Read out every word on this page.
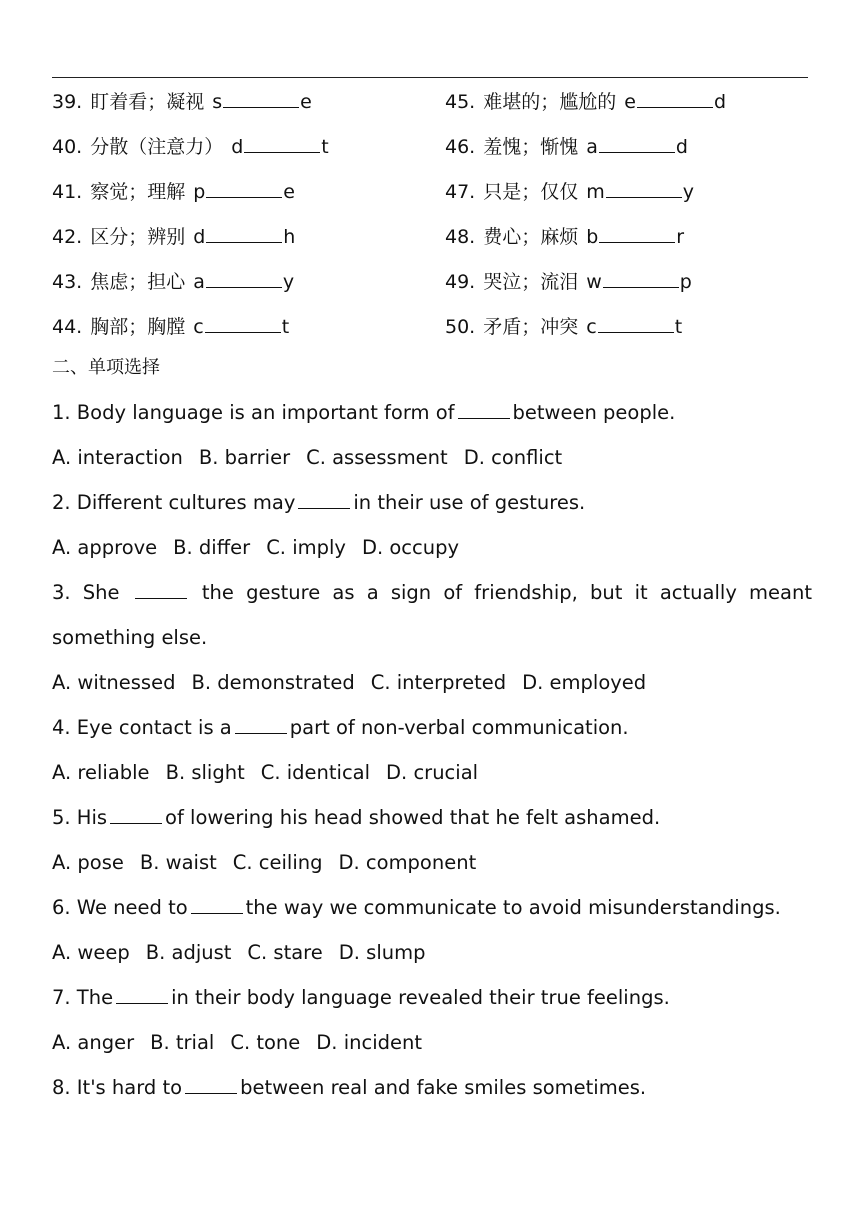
39. 盯着看；凝视 s	e	45. 难堪的；尴尬的 e	d
40. 分散（注意力） d	t	46. 羞愧；惭愧 a	d
41. 察觉；理解 p	e	47. 只是；仅仅 m	y
42. 区分；辨别 d	h	48. 费心；麻烦 b	r
43. 焦虑；担心 a	y	49. 哭泣；流泪 w	p
44. 胸部；胸膛 c	t	50. 矛盾；冲突 c	t
二、单项选择
1. Body language is an important form of	between people.
A. interaction B. barrier C. assessment D. conflict
2. Different cultures may	in their use of gestures.
A. approve B. differ C. imply D. occupy
3. She	the gesture as a sign of friendship, but it actually meant
something else.
A. witnessed B. demonstrated C. interpreted D. employed
4. Eye contact is a	part of non-verbal communication.
A. reliable B. slight C. identical D. crucial
5. His	of lowering his head showed that he felt ashamed.
A. pose B. waist C. ceiling D. component
6. We need to	the way we communicate to avoid misunderstandings.
A. weep B. adjust C. stare D. slump
7. The	in their body language revealed their true feelings.
A. anger B. trial C. tone D. incident
8. It's hard to	between real and fake smiles sometimes.
